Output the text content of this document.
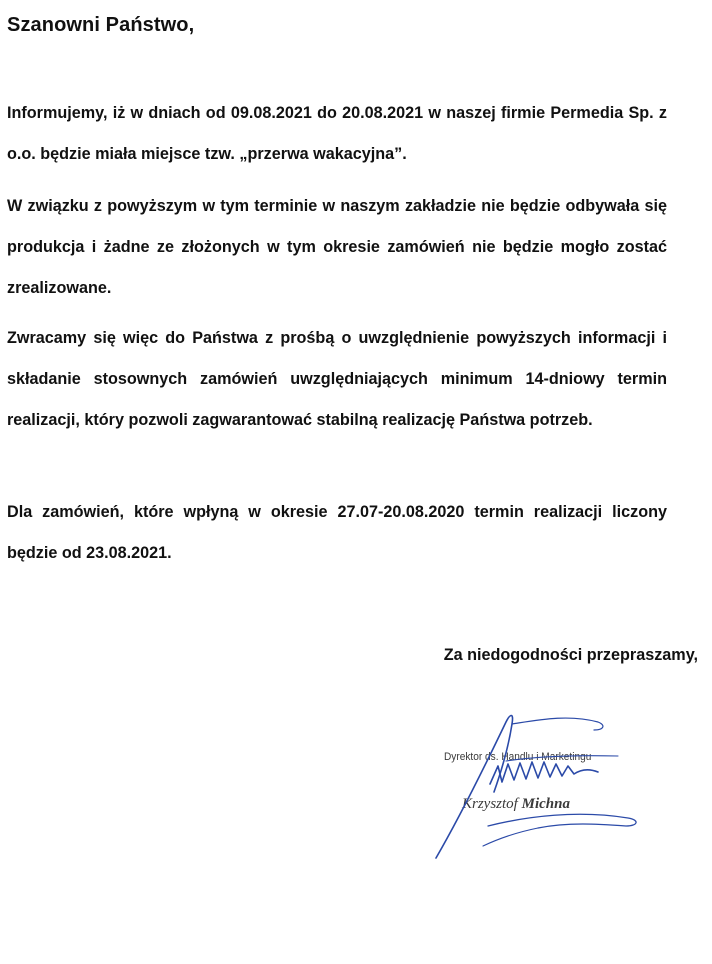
Szanowni Państwo,

Informujemy, iż w dniach od 09.08.2021 do 20.08.2021 w naszej firmie Permedia Sp. z o.o. będzie miała miejsce tzw. „przerwa wakacyjna”.

W związku z powyższym w tym terminie w naszym zakładzie nie będzie odbywała się produkcja i żadne ze złożonych w tym okresie zamówień nie będzie mogło zostać zrealizowane.

Zwracamy się więc do Państwa z prośbą o uwzględnienie powyższych informacji i składanie stosownych zamówień uwzględniających minimum 14-dniowy termin realizacji, który pozwoli zagwarantować stabilną realizację Państwa potrzeb.

Dla zamówień, które wpłyną w okresie 27.07-20.08.2020 termin realizacji liczony będzie od 23.08.2021.

Za niedogodności przepraszamy,

Dyrektor ds. Handlu i Marketingu
Krzysztof Michna
